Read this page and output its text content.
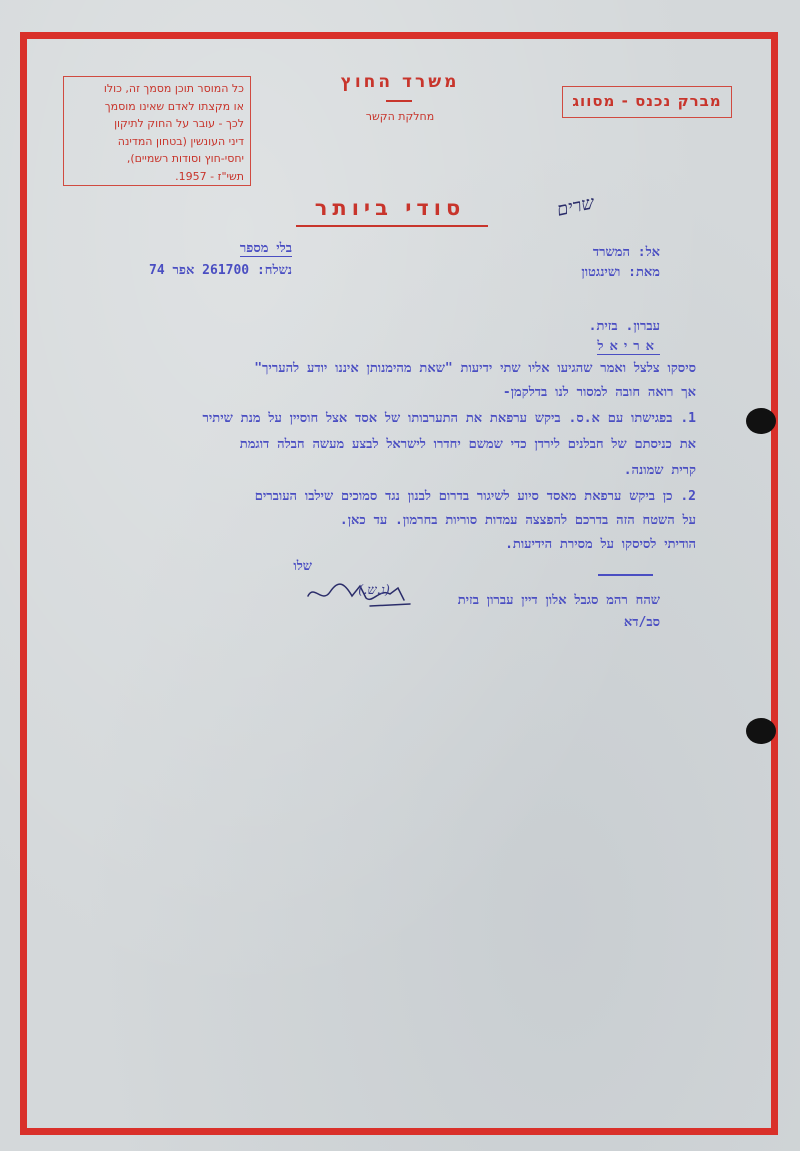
כל המוסר תוכן מסמך זה, כולו
או מקצתו לאדם שאינו מוסמך
לכך - עובר על החוק לתיקון
דיני העונשין (בטחון המדינה
יחסי-חוץ וסודות רשמיים),
תשי"ז - 1957.
משרד החוץ
מחלקת הקשר
מברק נכנס - מסווג
סודי ביותר	שרים
אל: המשרד
בלי מספר
מאת: ושינגטון
נשלח: 261700 אפר 74
עברון. בזית.
אריאל
סיסקו צלצל ואמר שהגיעו אליו שתי ידיעות "שאת מהימנותן איננו יודע להעריך"
אך רואה חובה למסור לנו בדלקמן-
1. בפגישתו עם א.ס. ביקש ערפאת את התערבותו של אסד אצל חוסיין על מנת שיתיר
את כניסתם של חבלנים לירדן כדי שמשם יחדרו לישראל לבצע מעשה חבלה דוגמת
קרית שמונה.
2. כן ביקש ערפאת מאסד סיוע לשיגור בדרום לבנון נגד סמוכים שילבו העוברים
על השטח הזה בדרכם להפצצה עמדות סוריות בחרמון. עד כאן.
הודיתי לסיסקו על מסירת הידיעות.
שלו
(נ.ש.)
שהח רהמ סגבל אלון דיין עברון בזית
סב/דא
